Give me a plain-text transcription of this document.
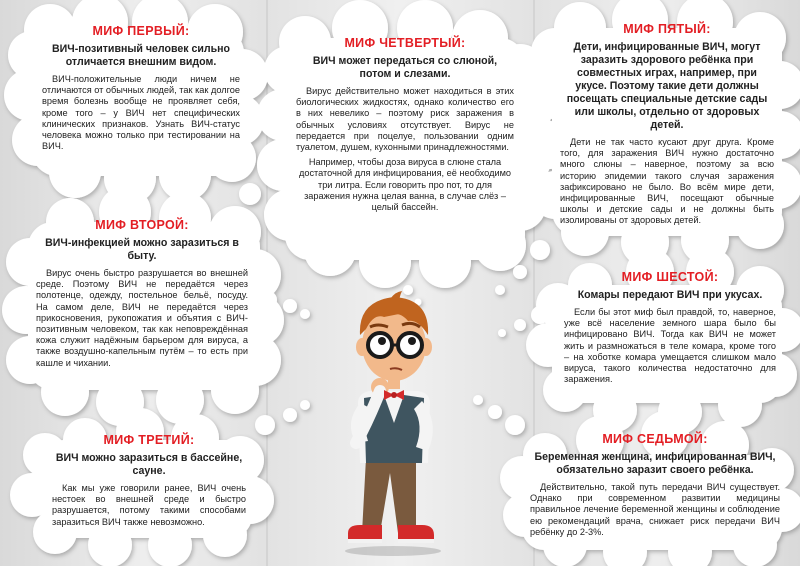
МИФ ПЕРВЫЙ:
ВИЧ-позитивный человек сильно отличается внешним видом.

ВИЧ-положительные люди ничем не отличаются от обычных людей, так как долгое время болезнь вообще не проявляет себя, кроме того – у ВИЧ нет специфических клинических признаков. Узнать ВИЧ-статус человека можно только при тестировании на ВИЧ.

МИФ ВТОРОЙ:
ВИЧ-инфекцией можно заразиться в быту.

Вирус очень быстро разрушается во внешней среде. Поэтому ВИЧ не передаётся через полотенце, одежду, постельное бельё, посуду. На самом деле, ВИЧ не передаётся через прикосновения, рукопожатия и объятия с ВИЧ-позитивным человеком, так как неповреждённая кожа служит надёжным барьером для вируса, а также воздушно-капельным путём – то есть при кашле и чихании.

МИФ ТРЕТИЙ:
ВИЧ можно заразиться в бассейне, сауне.

Как мы уже говорили ранее, ВИЧ очень нестоек во внешней среде и быстро разрушается, потому такими способами заразиться ВИЧ также невозможно.

МИФ ЧЕТВЕРТЫЙ:
ВИЧ может передаться со слюной, потом и слезами.

Вирус действительно может находиться в этих биологических жидкостях, однако количество его в них невелико – поэтому риск заражения в обычных условиях отсутствует. Вирус не передается при поцелуе, пользовании одним туалетом, душем, кухонными принадлежностями.

Например, чтобы доза вируса в слюне стала достаточной для инфицирования, её необходимо три литра. Если говорить про пот, то для заражения нужна целая ванна, в случае слёз – целый бассейн.

МИФ ПЯТЫЙ:
Дети, инфицированные ВИЧ, могут заразить здорового ребёнка при совместных играх, например, при укусе. Поэтому такие дети должны посещать специальные детские сады или школы, отдельно от здоровых детей.

Дети не так часто кусают друг друга. Кроме того, для заражения ВИЧ нужно достаточно много слюны – наверное, поэтому за всю историю эпидемии такого случая заражения зафиксировано не было. Во всём мире дети, инфицированные ВИЧ, посещают обычные школы и детские сады и не должны быть изолированы от здоровых детей.

МИФ ШЕСТОЙ:
Комары передают ВИЧ при укусах.

Если бы этот миф был правдой, то, наверное, уже всё население земного шара было бы инфицировано ВИЧ. Тогда как ВИЧ не может жить и размножаться в теле комара, кроме того – на хоботке комара умещается слишком мало вируса, такого количества недостаточно для заражения.

МИФ СЕДЬМОЙ:
Беременная женщина, инфицированная ВИЧ, обязательно заразит своего ребёнка.

Действительно, такой путь передачи ВИЧ существует. Однако при современном развитии медицины правильное лечение беременной женщины и соблюдение ею рекомендаций врача, снижает риск передачи ВИЧ ребёнку до 2-3%.
